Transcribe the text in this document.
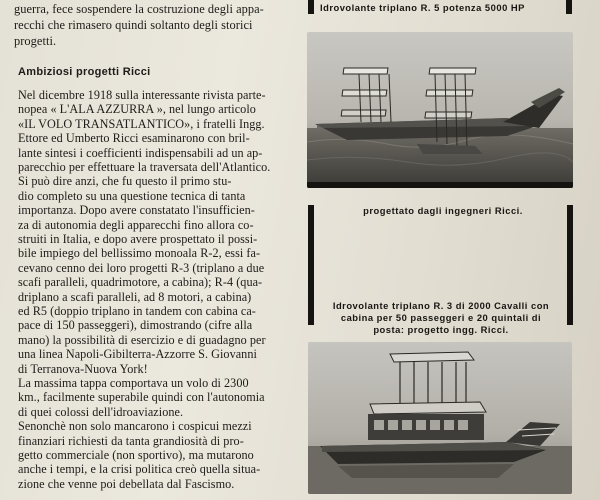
guerra, fece sospendere la costruzione degli appa-
recchi che rimasero quindi soltanto degli storici
progetti.
Ambiziosi progetti Ricci
Nel dicembre 1918 sulla interessante rivista parte-
nopea « L'ALA AZZURRA », nel lungo articolo
«IL VOLO TRANSATLANTICO», i fratelli Ingg.
Ettore ed Umberto Ricci esaminarono con bril-
lante sintesi i coefficienti indispensabili ad un ap-
parecchio per effettuare la traversata dell'Atlantico.
Si può dire anzi, che fu questo il primo stu-
dio completo su una questione tecnica di tanta
importanza. Dopo avere constatato l'insufficien-
za di autonomia degli apparecchi fino allora co-
struiti in Italia, e dopo avere prospettato il possi-
bile impiego del bellissimo monoala R-2, essi fa-
cevano cenno dei loro progetti R-3 (triplano a due
scafi paralleli, quadrimotore, a cabina); R-4 (qua-
driplano a scafi paralleli, ad 8 motori, a cabina)
ed R5 (doppio triplano in tandem con cabina ca-
pace di 150 passeggeri), dimostrando (cifre alla
mano) la possibilità di esercizio e di guadagno per
una linea Napoli-Gibilterra-Azzorre S. Giovanni
di Terranova-Nuova York!
La massima tappa comportava un volo di 2300
km., facilmente superabile quindi con l'autonomia
di quei colossi dell'idroaviazione.
Senonchè non solo mancarono i cospicui mezzi
finanziari richiesti da tanta grandiosità di pro-
getto commerciale (non sportivo), ma mutarono
anche i tempi, e la crisi politica creò quella situa-
zione che venne poi debellata dal Fascismo.
Idrovolante triplano R. 5 potenza 5000 HP
progettato dagli ingegneri Ricci.
Idrovolante triplano R. 3 di 2000 Cavalli con
cabina per 50 passeggeri e 20 quintali di
posta: progetto ingg. Ricci.
